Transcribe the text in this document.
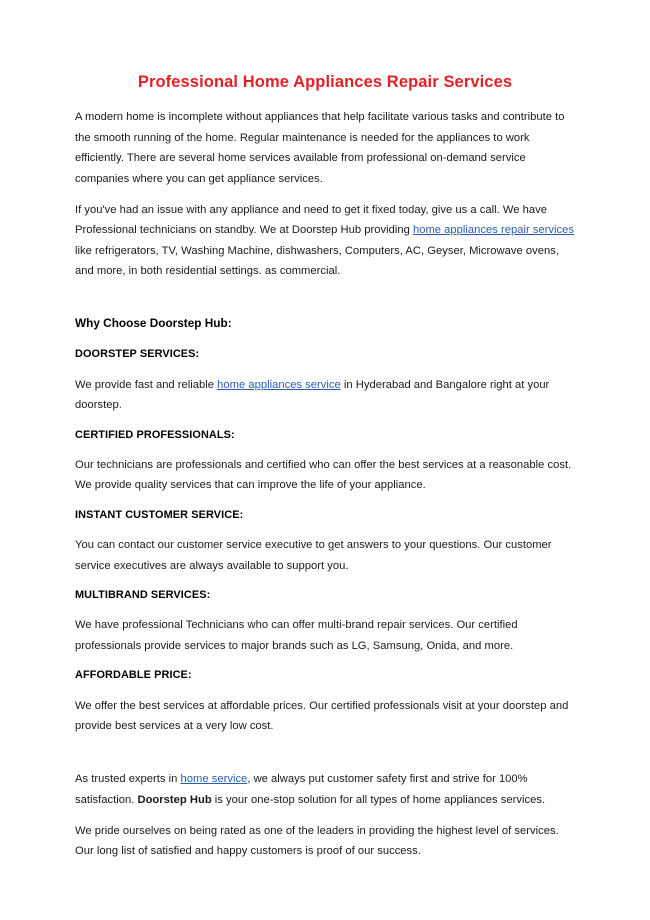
Professional Home Appliances Repair Services

A modern home is incomplete without appliances that help facilitate various tasks and contribute to the smooth running of the home. Regular maintenance is needed for the appliances to work efficiently. There are several home services available from professional on-demand service companies where you can get appliance services.

If you've had an issue with any appliance and need to get it fixed today, give us a call. We have Professional technicians on standby. We at Doorstep Hub providing home appliances repair services like refrigerators, TV, Washing Machine, dishwashers, Computers, AC, Geyser, Microwave ovens, and more, in both residential settings. as commercial.

Why Choose Doorstep Hub:
DOORSTEP SERVICES:

We provide fast and reliable home appliances service in Hyderabad and Bangalore right at your doorstep.

CERTIFIED PROFESSIONALS:

Our technicians are professionals and certified who can offer the best services at a reasonable cost. We provide quality services that can improve the life of your appliance.

INSTANT CUSTOMER SERVICE:

You can contact our customer service executive to get answers to your questions. Our customer service executives are always available to support you.

MULTIBRAND SERVICES:

We have professional Technicians who can offer multi-brand repair services. Our certified professionals provide services to major brands such as LG, Samsung, Onida, and more.

AFFORDABLE PRICE:

We offer the best services at affordable prices. Our certified professionals visit at your doorstep and provide best services at a very low cost.

As trusted experts in home service, we always put customer safety first and strive for 100% satisfaction. Doorstep Hub is your one-stop solution for all types of home appliances services.

We pride ourselves on being rated as one of the leaders in providing the highest level of services. Our long list of satisfied and happy customers is proof of our success.
